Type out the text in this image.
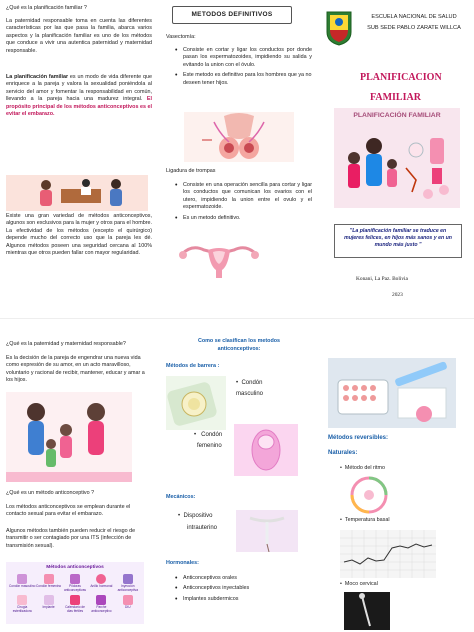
¿Qué es la planificación familiar ?
La paternidad responsable toma en cuenta las diferentes características por las que pasa la familia, abarca varios aspectos y la planificación familiar es uno de los métodos que conduce a vivir una autentica paternidad y maternidad responsable.
La planificación familiar es un modo de vida diferente que enriquece a la pareja y valora la sexualidad poniéndola al servicio del amor y fomentar la responsabilidad en común, llevando a la pareja hacia una madurez integral. El propósito principal de los métodos anticonceptivos es el evitar el embarazo.
Existe una gran variedad de métodos anticonceptivos, algunos son exclusivos para la mujer y otros para el hombre. La efectividad de los métodos (excepto el quirúrgico) depende mucho del correcto uso que la pareja les dé. Algunos métodos poseen una seguridad cercana al 100% mientras que otros pueden fallar con mayor regularidad.
METODOS DEFINITIVOS
Vasectomía:
• Consiste en cortar y ligar los conductos por donde pasan los espermatozoides, impidiendo su salida y evitando la union con el óvulo.
• Este metodo es definitivo para los hombres que ya no deseen tener hijos.
Ligadura de trompas
• Consiste en una operación sencilla para cortar y ligar los conductos que comunican los ovarios con el utero, impidiendo la union entre el ovulo y el espermatozoide.
• Es un metodo definitivo.
ESCUELA NACIONAL DE SALUD
SUB SEDE PABLO ZARATE WILLCA
PLANIFICACION
FAMILIAR
PLANIFICACIÓN FAMILIAR
"La planificación familiar se traduce en mujeres felices, en hijos más sanos y en un mundo más justo "
Konani, La Paz. Bolivia
2023
¿Qué es la paternidad y maternidad responsable?
Es la decisión de la pareja de engendrar una nueva vida como expresión de su amor, en un acto maravilloso, voluntario y racional de recibir, mantener, educar y amar a los hijos.
¿Qué es un método anticonceptivo ?
Los métodos anticonceptivos se emplean durante el contacto sexual para evitar el embarazo.
Algunos métodos también pueden reducir el riesgo de transmitir o ser contagiado por una ITS (infección de transmisión sexual).
Métodos anticonceptivos
Condón masculino Condón femenino	Píldoras anticonceptivas
Anillo hormonal	Inyección anticonceptiva
Cirugía esterilizadora
Implante	Calendario de días fértiles
Parche anticonceptivo
DIU
Como se clasifican los metodos
anticonceptivos:
Métodos de barrera :
•  Condón
masculino
•   Condón
femenino
Mecánicos:
•  Dispositivo
intrauterino
Hormonales:
• Anticonceptivos orales
• Anticonceptivos inyectables
• Implantes subdermicos
Métodos reversibles:
Naturales:
•  Método del ritmo
•  Temperatura basal
•  Moco cervical
